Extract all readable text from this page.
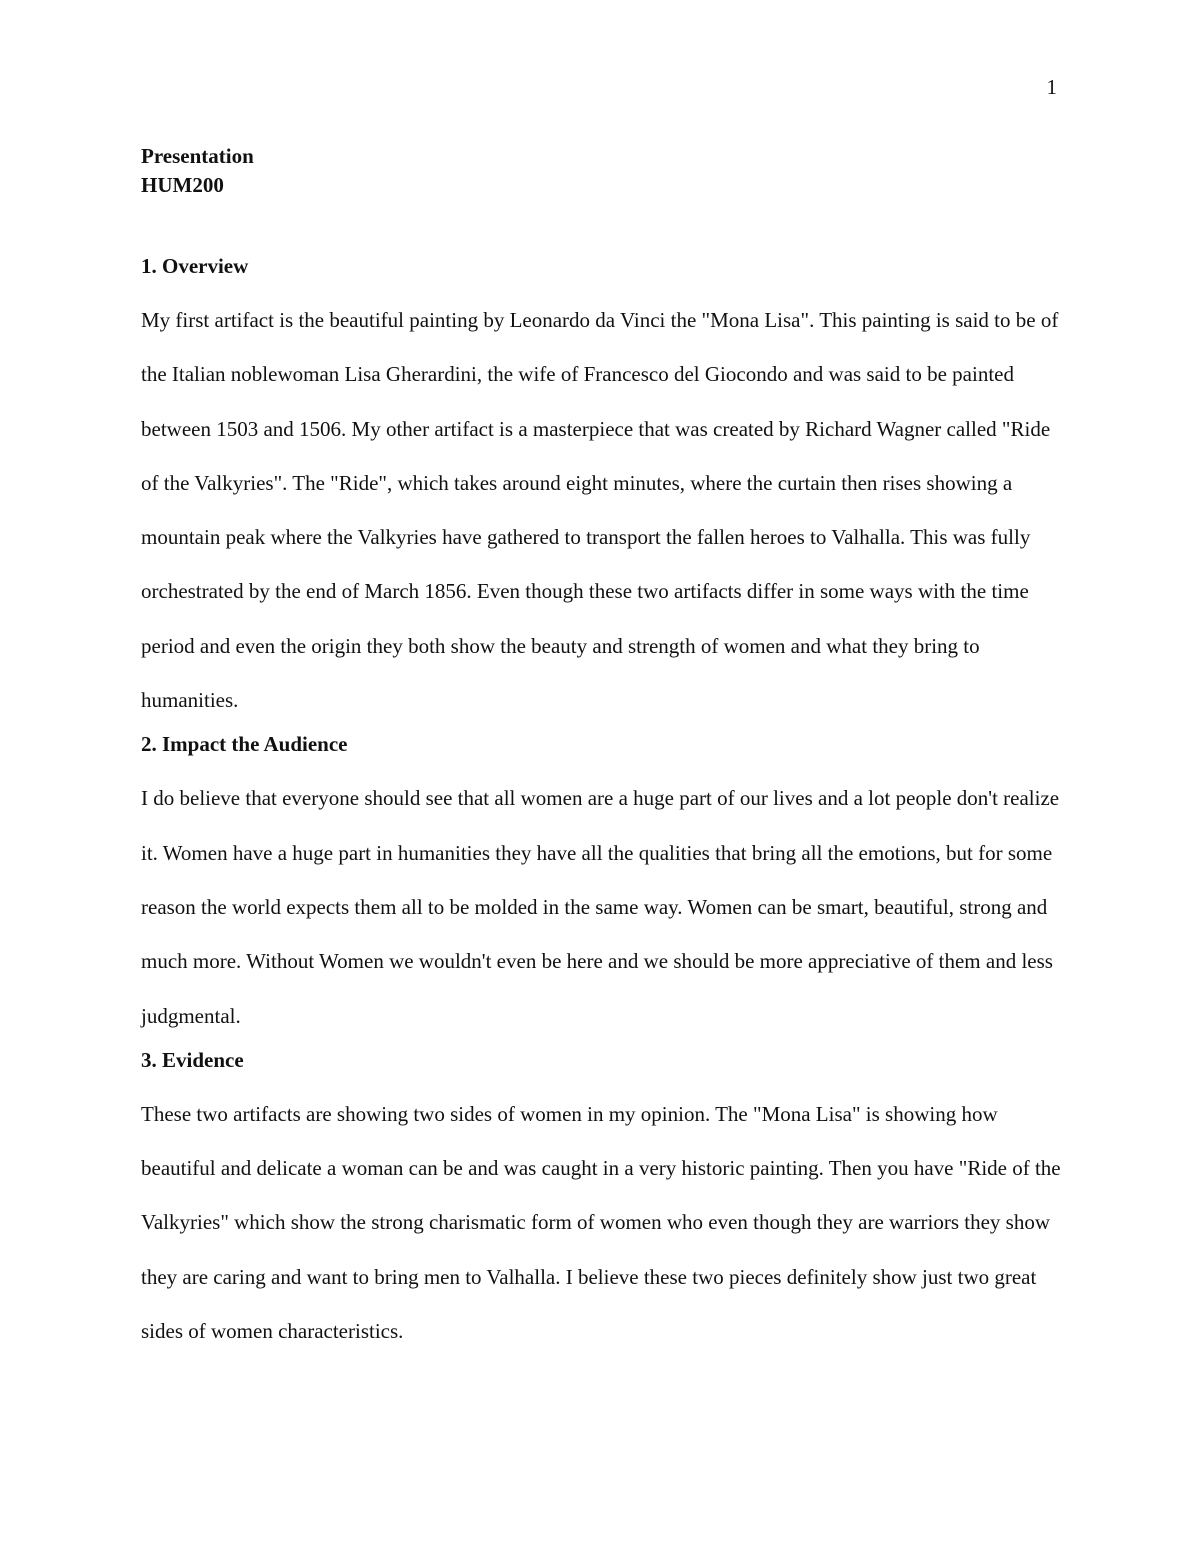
1
Presentation
HUM200
1. Overview

My first artifact is the beautiful painting by Leonardo da Vinci the "Mona Lisa". This painting is said to be of the Italian noblewoman Lisa Gherardini, the wife of Francesco del Giocondo and was said to be painted between 1503 and 1506. My other artifact is a masterpiece that was created by Richard Wagner called "Ride of the Valkyries". The "Ride", which takes around eight minutes, where the curtain then rises showing a mountain peak where the Valkyries have gathered to transport the fallen heroes to Valhalla. This was fully orchestrated by the end of March 1856. Even though these two artifacts differ in some ways with the time period and even the origin they both show the beauty and strength of women and what they bring to humanities.

2. Impact the Audience

I do believe that everyone should see that all women are a huge part of our lives and a lot people don't realize it. Women have a huge part in humanities they have all the qualities that bring all the emotions, but for some reason the world expects them all to be molded in the same way. Women can be smart, beautiful, strong and much more. Without Women we wouldn't even be here and we should be more appreciative of them and less judgmental.

3. Evidence

These two artifacts are showing two sides of women in my opinion. The "Mona Lisa" is showing how beautiful and delicate a woman can be and was caught in a very historic painting. Then you have "Ride of the Valkyries" which show the strong charismatic form of women who even though they are warriors they show they are caring and want to bring men to Valhalla. I believe these two pieces definitely show just two great sides of women characteristics.
